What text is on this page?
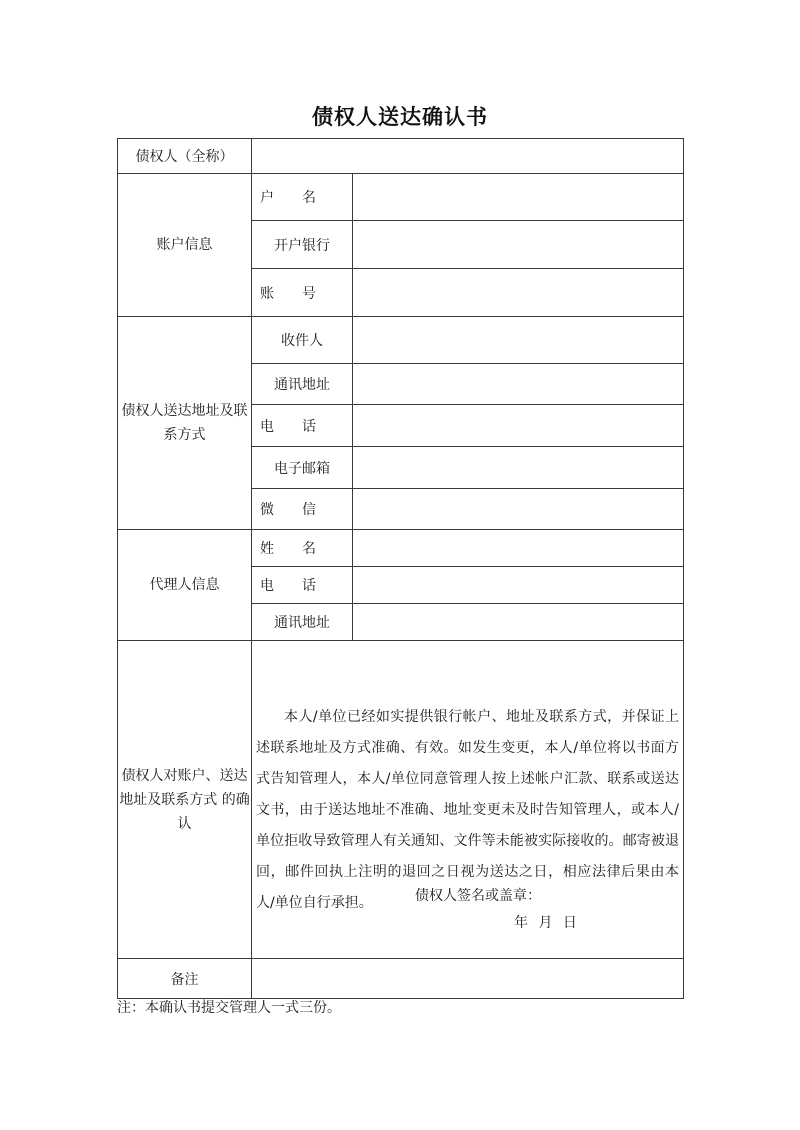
债权人送达确认书
债权人（全称）		
账户信息	户名	
	开户银行	
	账号	
债权人送达地址及联系方式	收件人	
	通讯地址	
	电话	
	电子邮箱	
	微信	
代理人信息	姓名	
	电话	
	通讯地址	
债权人对账户、送达地址及联系方式 的确认	本人/单位已经如实提供银行帐户、地址及联系方式，并保证上述联系地址及方式准确、有效。如发生变更，本人/单位将以书面方式告知管理人，本人/单位同意管理人按上述帐户汇款、联系或送达文书，由于送达地址不准确、地址变更未及时告知管理人，或本人/单位拒收导致管理人有关通知、文件等未能被实际接收的。邮寄被退回，邮件回执上注明的退回之日视为送达之日，相应法律后果由本人/单位自行承担。 债权人签名或盖章：
年 月 日	

备注		
注：本确认书提交管理人一式三份。
